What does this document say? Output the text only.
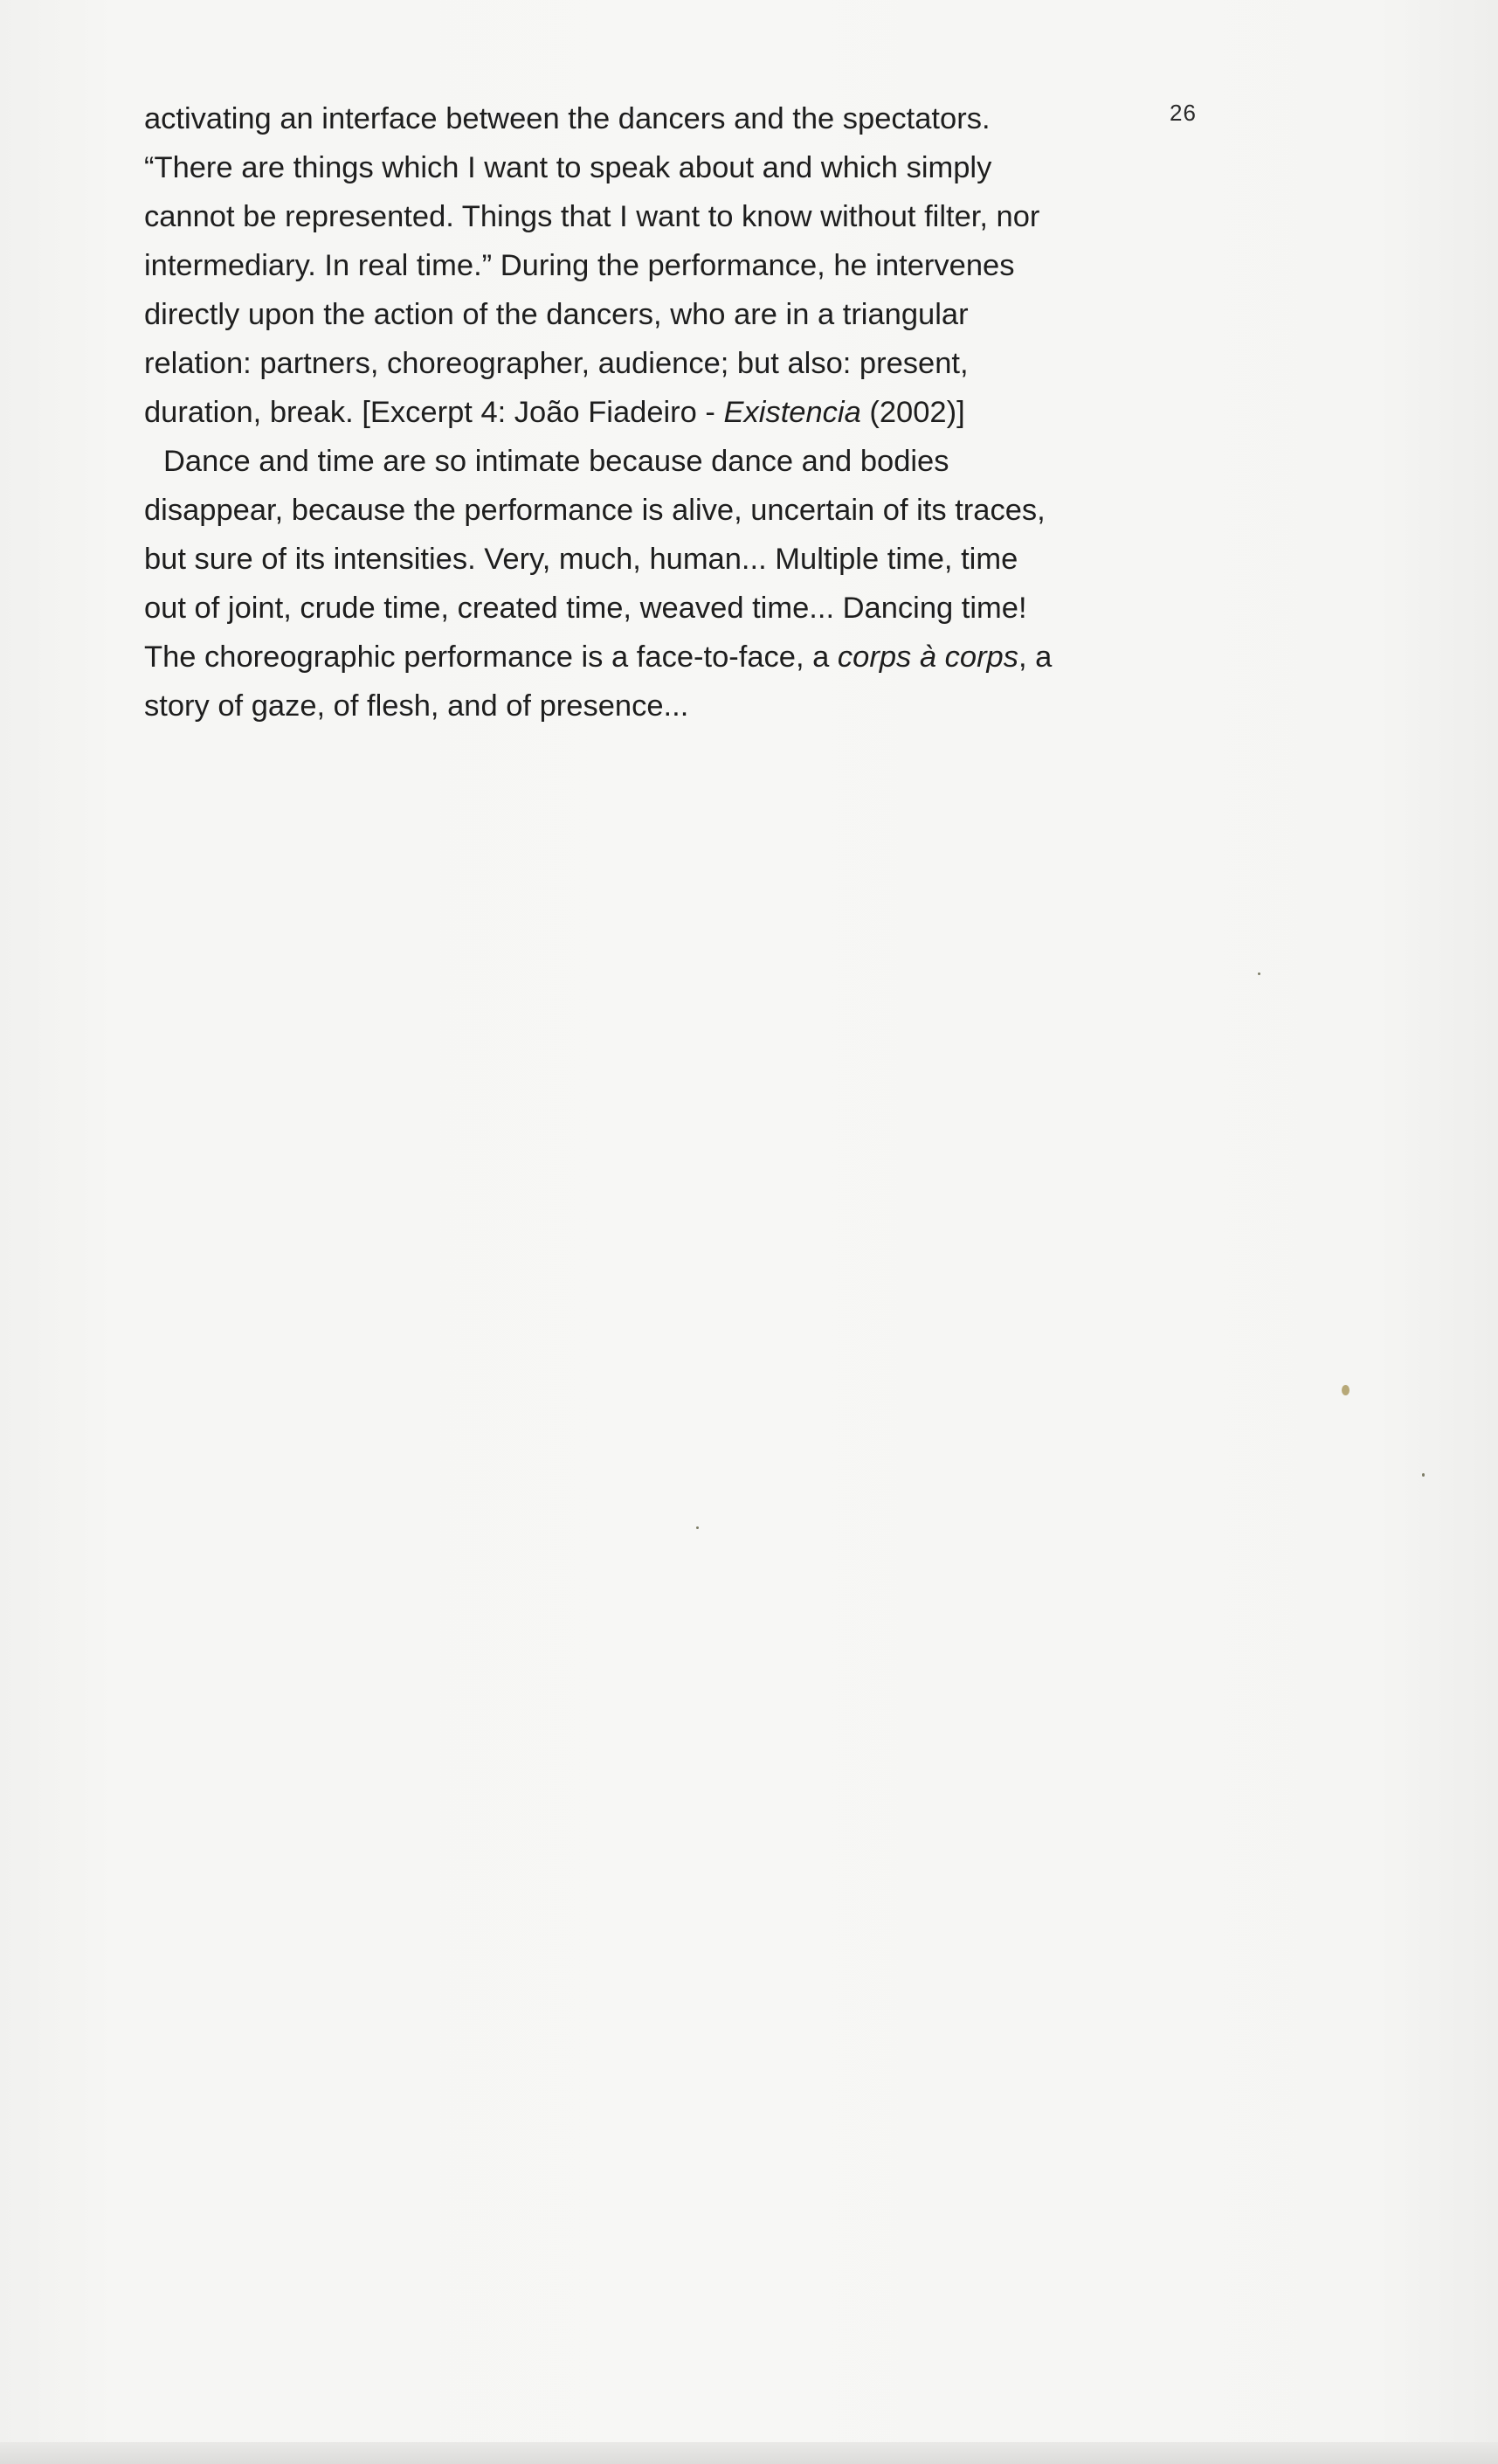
26
activating an interface between the dancers and the spectators.
“There are things which I want to speak about and which simply
cannot be represented. Things that I want to know without filter, nor
intermediary. In real time.” During the performance, he intervenes
directly upon the action of the dancers, who are in a triangular
relation: partners, choreographer, audience; but also: present,
duration, break. [Excerpt 4: João Fiadeiro - Existencia (2002)]
Dance and time are so intimate because dance and bodies
disappear, because the performance is alive, uncertain of its traces,
but sure of its intensities. Very, much, human... Multiple time, time
out of joint, crude time, created time, weaved time... Dancing time!
The choreographic performance is a face-to-face, a corps à corps, a
story of gaze, of flesh, and of presence...
